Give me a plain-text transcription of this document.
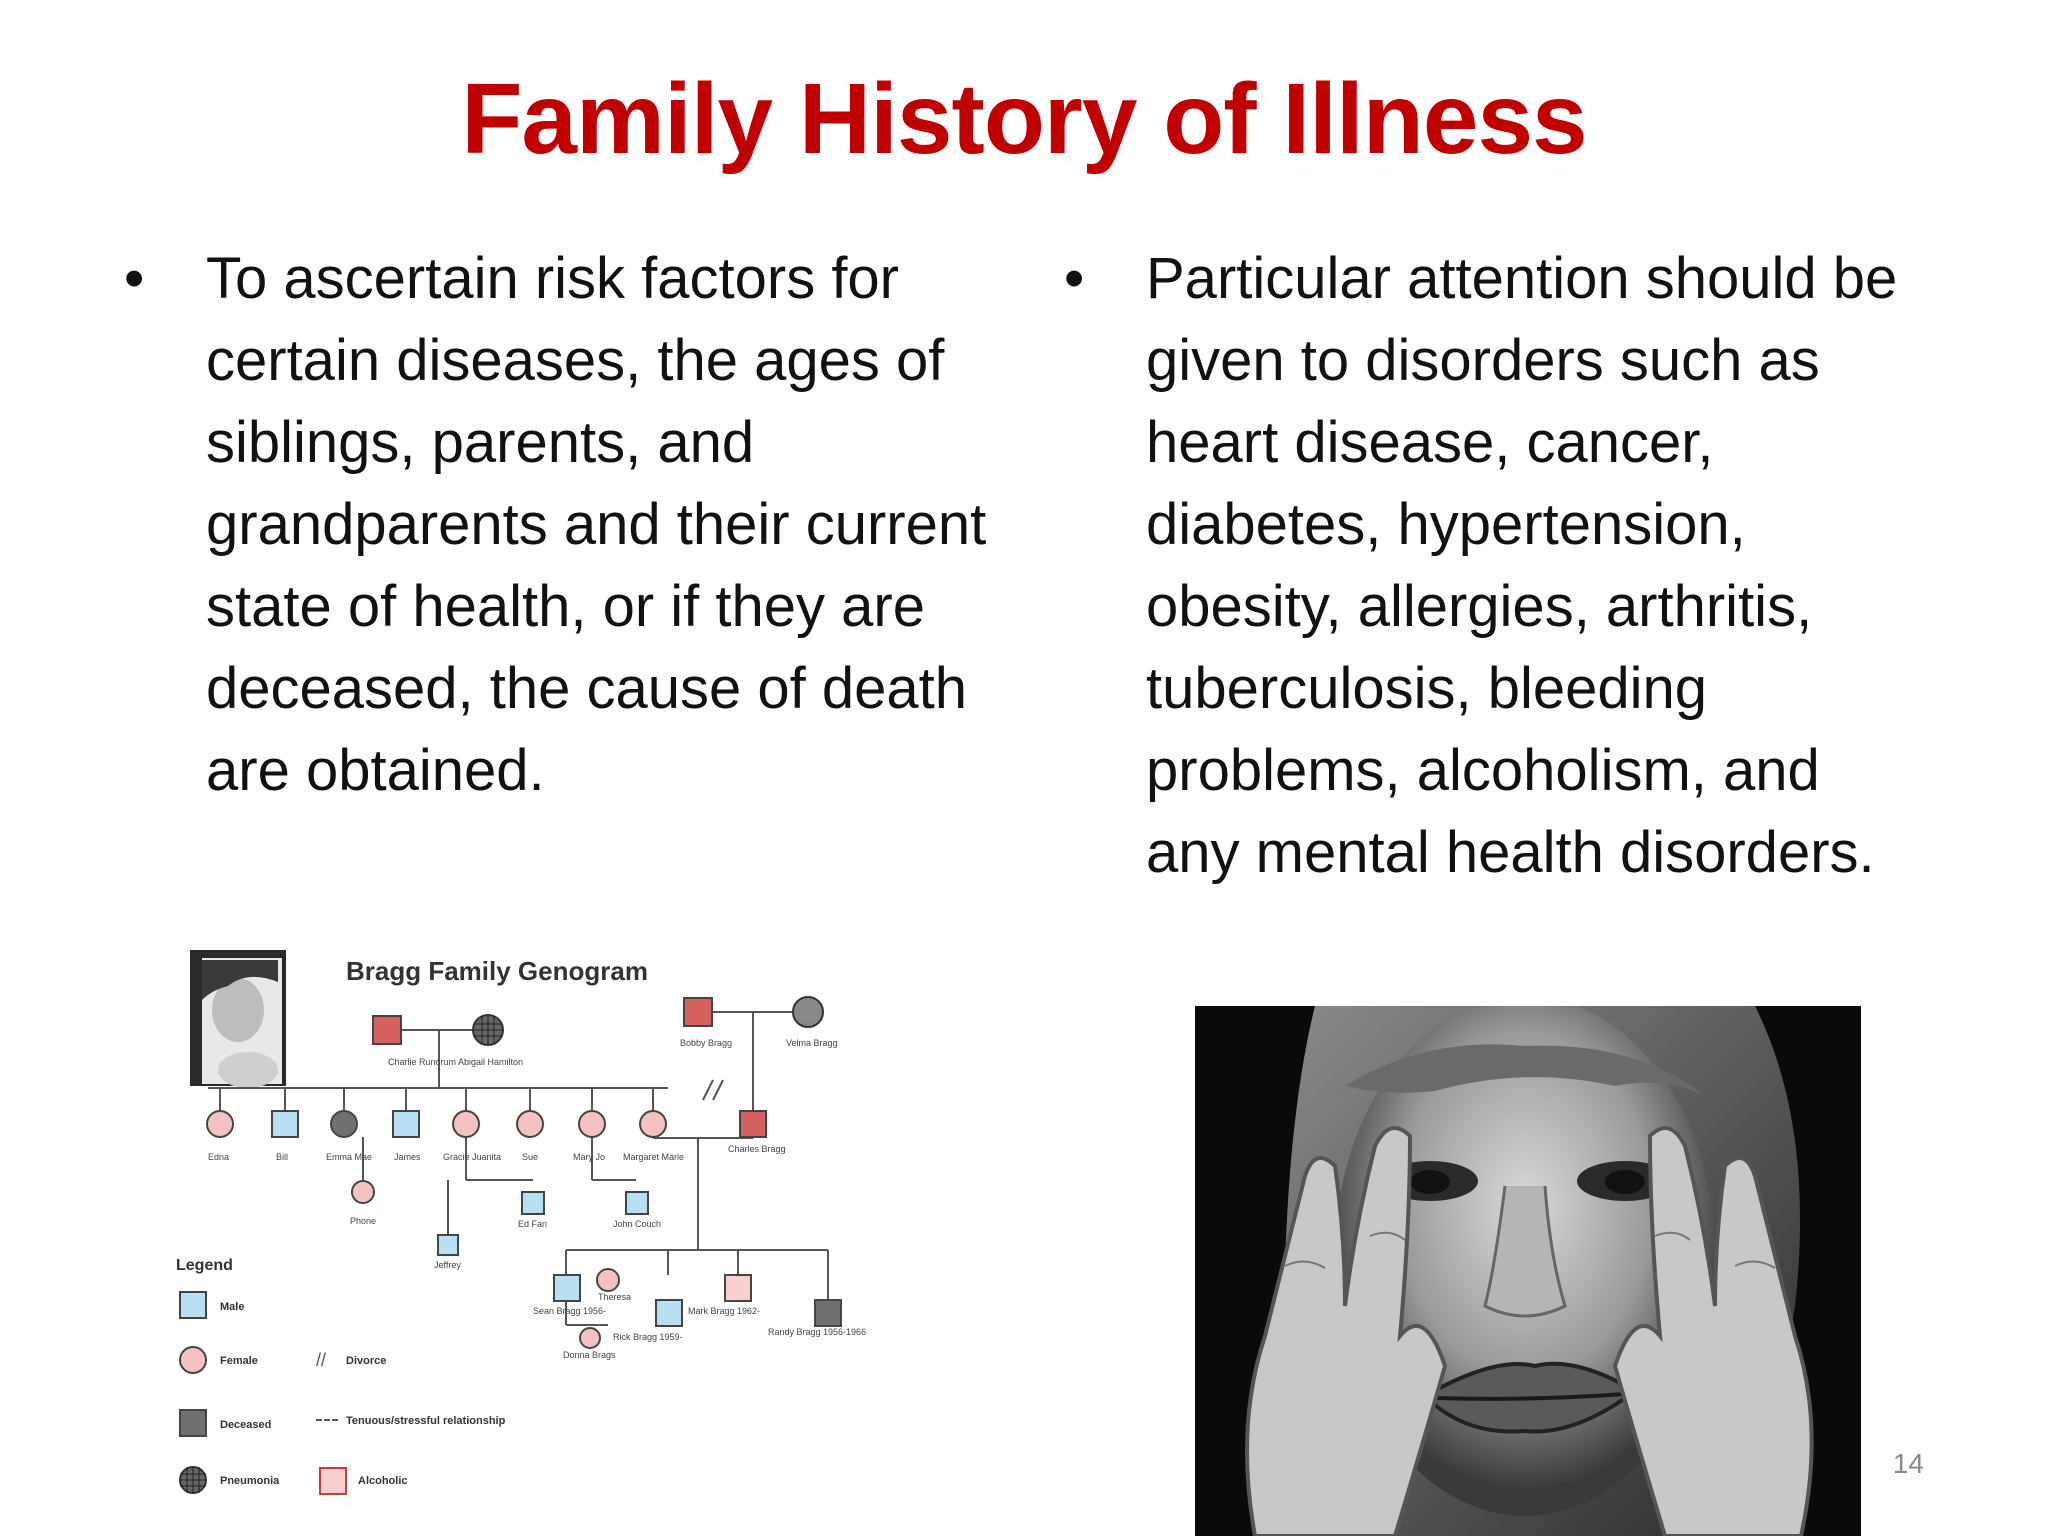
Family History of Illness
•	To ascertain risk factors for certain diseases, the ages of siblings, parents, and grandparents and their current state of health, or if they are deceased, the cause of death are obtained.
•	Particular attention should be given to disorders such as heart disease, cancer, diabetes, hypertension, obesity, allergies, arthritis, tuberculosis, bleeding problems, alcoholism, and any mental health disorders.
Bragg Family Genogram
Charlie Rundrum Abigail Hamilton
Bobby Bragg	Velma Bragg
Edna	Bill	Emma Mae James Gracie Juanita Sue	Mary Jo Margaret Marie
Charles Bragg
Phone	Ed Fan	John Couch
Jeffrey
Theresa
Sean Bragg 1956-
Rick Bragg 1959-
Mark Bragg 1962-
Randy Bragg 1956-1966
Donna Brags
Legend
Male
Female
Deceased
Pneumonia
// Divorce
Tenuous/stressful relationship
Alcoholic
14
